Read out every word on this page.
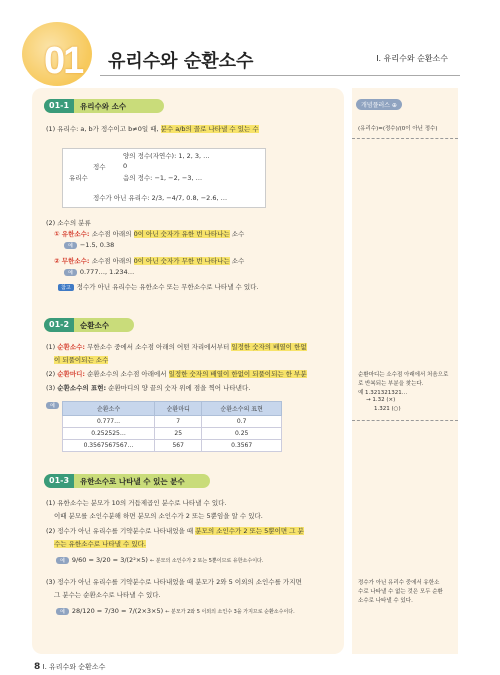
01 유리수와 순환소수	I. 유리수와 순환소수
01-1	유리수와 소수
(1) 유리수: a, b가 정수이고 b≠0일 때, 분수 a/b의 꼴로 나타낼 수 있는 수
유리수
정수
양의 정수(자연수): 1, 2, 3, …
0
음의 정수: −1, −2, −3, …
정수가 아닌 유리수: 2/3, −4/7, 0.8, −2.6, …
(2) 소수의 분류
① 유한소수: 소수점 아래의 0이 아닌 숫자가 유한 번 나타나는 소수
예 −1.5, 0.38
② 무한소수: 소수점 아래의 0이 아닌 숫자가 무한 번 나타나는 소수
예 0.777…, 1.234…
참고 정수가 아닌 유리수는 유한소수 또는 무한소수로 나타낼 수 있다.
01-2	순환소수
(1) 순환소수: 무한소수 중에서 소수점 아래의 어떤 자리에서부터 일정한 숫자의 배열이 한없
이 되풀이되는 소수
(2) 순환마디: 순환소수의 소수점 아래에서 일정한 숫자의 배열이 한없이 되풀이되는 한 부분
(3) 순환소수의 표현: 순환마디의 양 끝의 숫자 위에 점을 찍어 나타낸다.
예	순환소수	순환마디	순환소수의 표현
0.777…	7	0.7̇
0.252525…	25	0.2̇5̇
0.3567567567…	567	0.35̇67̇
01-3	유한소수로 나타낼 수 있는 분수
(1) 유한소수는 분모가 10의 거듭제곱인 분수로 나타낼 수 있다.
이때 분모를 소인수분해 하면 분모의 소인수가 2 또는 5뿐임을 알 수 있다.
(2) 정수가 아닌 유리수를 기약분수로 나타내었을 때 분모의 소인수가 2 또는 5뿐이면 그 분
수는 유한소수로 나타낼 수 있다.
예 9/60 = 3/20 = 3/(2²×5) ← 분모의 소인수가 2 또는 5뿐이므로 유한소수이다.
(3) 정수가 아닌 유리수를 기약분수로 나타내었을 때 분모가 2와 5 이외의 소인수를 가지면
그 분수는 순환소수로 나타낼 수 있다.
예 28/120 = 7/30 = 7/(2×3×5) ← 분모가 2와 5 이외의 소인수 3을 가지므로 순환소수이다.
개념플러스 ⊕
(유리수)=(정수)/(0이 아닌 정수)
순환마디는 소수점 아래에서 처음으로
로 반복되는 부분을 찾는다.
예 1.321321321…
→ 1.3̇2 (×)
1.3̇21̇ (○)
정수가 아닌 유리수 중에서 유한소
수로 나타낼 수 없는 것은 모두 순환
소수로 나타낼 수 있다.
8 I. 유리수와 순환소수
